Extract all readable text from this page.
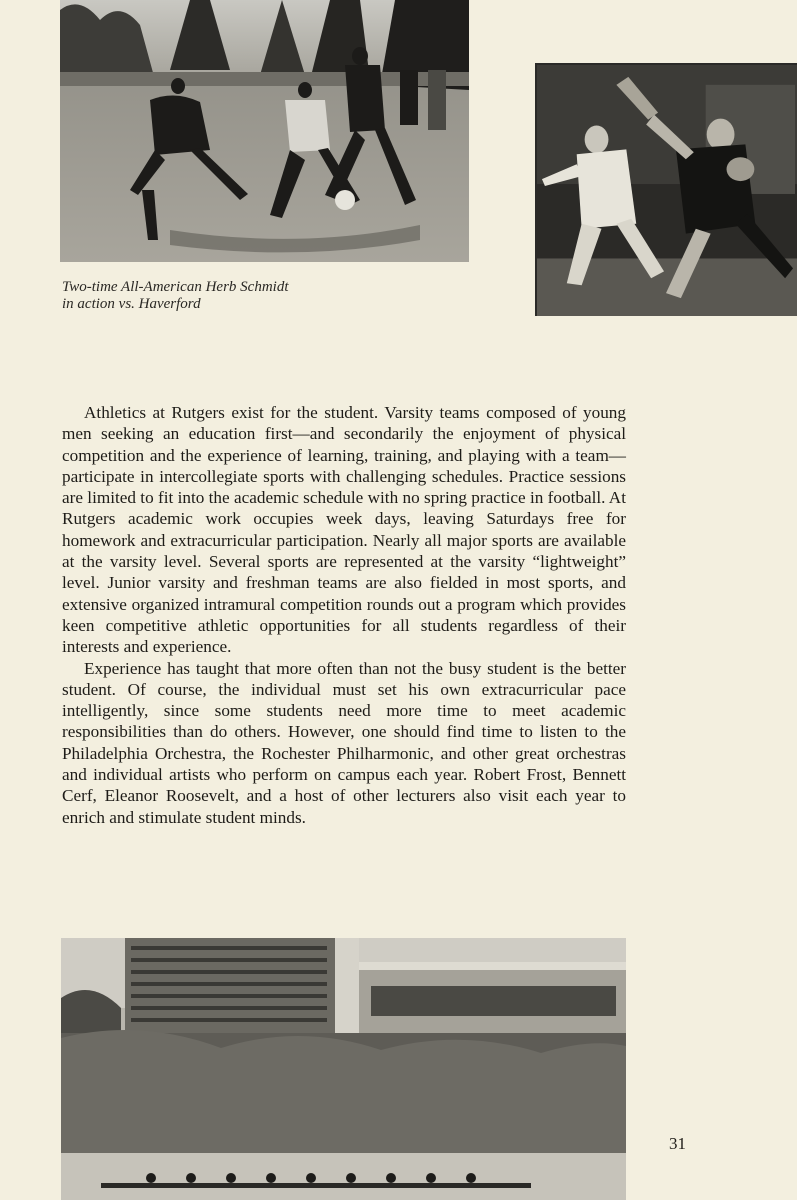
Two-time All-American Herb Schmidt
in action vs. Haverford

Athletics at Rutgers exist for the student. Varsity teams composed of young men seeking an education first—and secondarily the enjoyment of physical competition and the experience of learning, training, and playing with a team—participate in intercollegiate sports with challenging schedules. Practice sessions are limited to fit into the academic schedule with no spring practice in football. At Rutgers academic work occupies week days, leaving Saturdays free for homework and extracurricular participation. Nearly all major sports are available at the varsity level. Several sports are represented at the varsity “lightweight” level. Junior varsity and freshman teams are also fielded in most sports, and extensive organized intramural competition rounds out a program which provides keen competitive athletic opportunities for all students regardless of their interests and experience.

Experience has taught that more often than not the busy student is the better student. Of course, the individual must set his own extracurricular pace intelligently, since some students need more time to meet academic responsibilities than do others. However, one should find time to listen to the Philadelphia Orchestra, the Rochester Philharmonic, and other great orchestras and individual artists who perform on campus each year. Robert Frost, Bennett Cerf, Eleanor Roosevelt, and a host of other lecturers also visit each year to enrich and stimulate student minds.

31
